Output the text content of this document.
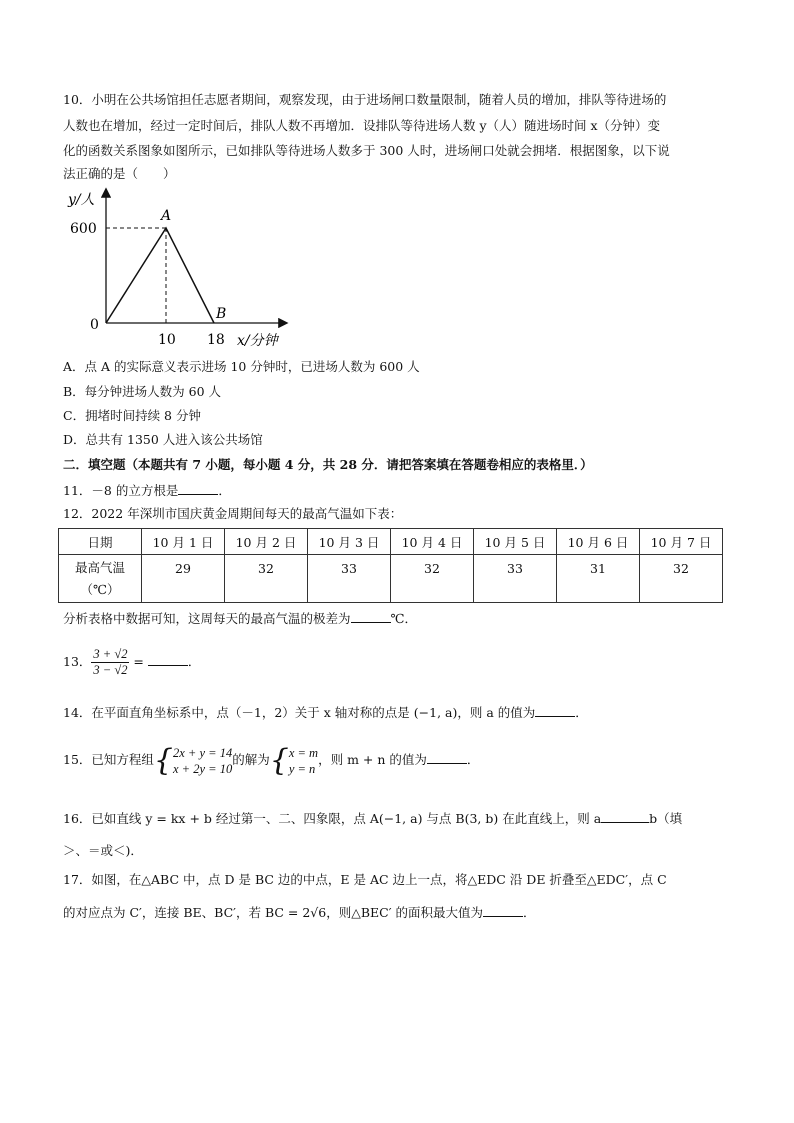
10．小明在公共场馆担任志愿者期间，观察发现，由于进场闸口数量限制，随着人员的增加，排队等待进场的
人数也在增加，经过一定时间后，排队人数不再增加．设排队等待进场人数 y（人）随进场时间 x（分钟）变
化的函数关系图象如图所示，已如排队等待进场人数多于 300 人时，进场闸口处就会拥堵．根据图象，以下说
法正确的是（　　）
y/人
600
0
10 18 x/分钟
A
B
A．点 A 的实际意义表示进场 10 分钟时，已进场人数为 600 人
B．每分钟进场人数为 60 人
C．拥堵时间持续 8 分钟
D．总共有 1350 人进入该公共场馆
二．填空题（本题共有 7 小题，每小题 4 分，共 28 分．请把答案填在答题卷相应的表格里．）
11．－8 的立方根是	．
12．2022 年深圳市国庆黄金周期间每天的最高气温如下表：
日期	10 月 1 日	10 月 2 日	10 月 3 日	10 月 4 日	10 月 5 日	10 月 6 日	10 月 7 日
最高气温
（℃）	29	32	33	32	33	31	32
分析表格中数据可知，这周每天的最高气温的极差为	℃．
13． $\frac{3 + √2}{3 - √2}$ =	．
14．在平面直角坐标系中，点（－1，2）关于 x 轴对称的点是 (−1, a)，则 a 的值为	．
15．已知方程组{ 2x + y = 14
x + 2y = 10
的解为{ x = m
y = n
，则 m + n 的值为	．
16．已如直线 y = kx + b 经过第一、二、四象限，点 A(−1, a) 与点 B(3, b) 在此直线上，则 a	b（填
＞、＝或＜)．
17．如图，在△ABC 中，点 D 是 BC 边的中点，E 是 AC 边上一点，将△EDC 沿 DE 折叠至△EDC′，点 C
的对应点为 C′，连接 BE、BC′，若 BC = 2√6，则△BEC′ 的面积最大值为	．
